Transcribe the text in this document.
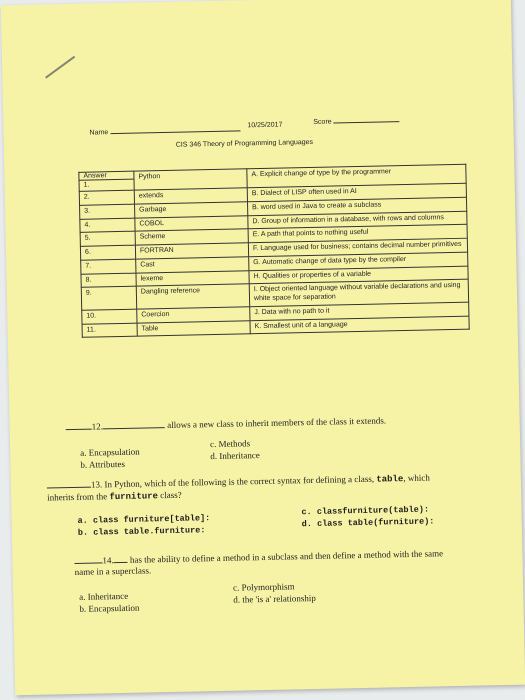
Name
10/25/2017	Score
CIS 346 Theory of Programming Languages
Answer
1.	Python	A. Explicit change of type by the programmer

2.	extends	B. Dialect of LISP often used in AI

3.	Garbage	B. word used in Java to create a subclass

4.	COBOL	D. Group of information in a database, with rows and columns

5.	Scheme	E. A path that points to nothing useful

6.	FORTRAN	F. Language used for business; contains decimal number primitives

7.	Cast	G. Automatic change of data type by the compiler

8.	lexeme	H. Qualities or properties of a variable

9.	Dangling reference	I. Object oriented language without variable declarations and using white space for separation

10.	Coercion	J. Data with no path to it

11.	Table	K. Smallest unit of a language
12.	allows a new class to inherit members of the class it extends.
a. Encapsulation
b. Attributes
c. Methods
d. Inheritance
13. In Python, which of the following is the correct syntax for defining a class, table, which
inherits from the furniture class?
a. class furniture[table]:
b. class table.furniture:
c. classfurniture(table):
d. class table(furniture):
14. has the ability to define a method in a subclass and then define a method with the same
name in a superclass.
a. Inheritance
b. Encapsulation
c. Polymorphism
d. the 'is a' relationship
